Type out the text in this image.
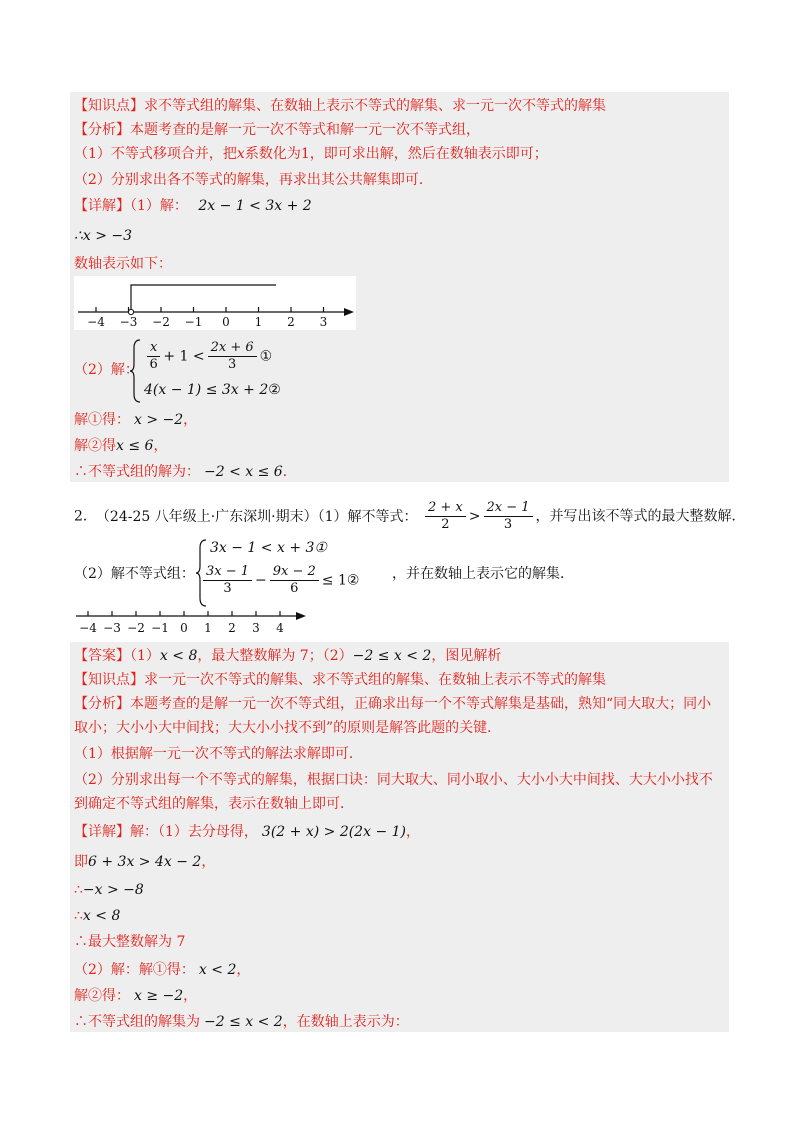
【知识点】求不等式组的解集、在数轴上表示不等式的解集、求一元一次不等式的解集
【分析】本题考查的是解一元一次不等式和解一元一次不等式组，
（1）不等式移项合并，把x系数化为1，即可求出解，然后在数轴表示即可；
（2）分别求出各不等式的解集，再求出其公共解集即可．
【详解】（1）解： 2x − 1 < 3x + 2
∴x > −3
数轴表示如下：
−4 −3 −2 −1 0 1 2 3
（2）解： $\frac{x}{6} + 1 < \frac{2x + 6}{3}$ ①
4(x − 1) ≤ 3x + 2②
解①得： x > −2，
解②得x ≤ 6，
∴不等式组的解为： −2 < x ≤ 6．
2． （24-25 八年级上·广东深圳·期末）（1）解不等式： $\frac{2 + x}{2} > \frac{2x - 1}{3}$ ，并写出该不等式的最大整数解．
（2）解不等式组：
3x − 1 < x + 3①
$\frac{3x - 1}{3} - \frac{9x - 2}{6}$ ≤ 1② ，并在数轴上表示它的解集．
−4 −3 −2 −1 0 1 2 3 4
【答案】（1）x < 8，最大整数解为 7；（2）−2 ≤ x < 2，图见解析
【知识点】求一元一次不等式的解集、求不等式组的解集、在数轴上表示不等式的解集
【分析】本题考查的是解一元一次不等式组，正确求出每一个不等式解集是基础，熟知“同大取大；同小
取小；大小小大中间找；大大小小找不到”的原则是解答此题的关键．
（1）根据解一元一次不等式的解法求解即可．
（2）分别求出每一个不等式的解集，根据口诀：同大取大、同小取小、大小小大中间找、大大小小找不
到确定不等式组的解集，表示在数轴上即可．
【详解】解：（1）去分母得， 3(2 + x) > 2(2x − 1)，
即6 + 3x > 4x − 2，
∴−x > −8
∴x < 8
∴最大整数解为 7
（2）解：解①得： x < 2，
解②得： x ≥ −2，
∴不等式组的解集为 −2 ≤ x < 2，在数轴上表示为：
